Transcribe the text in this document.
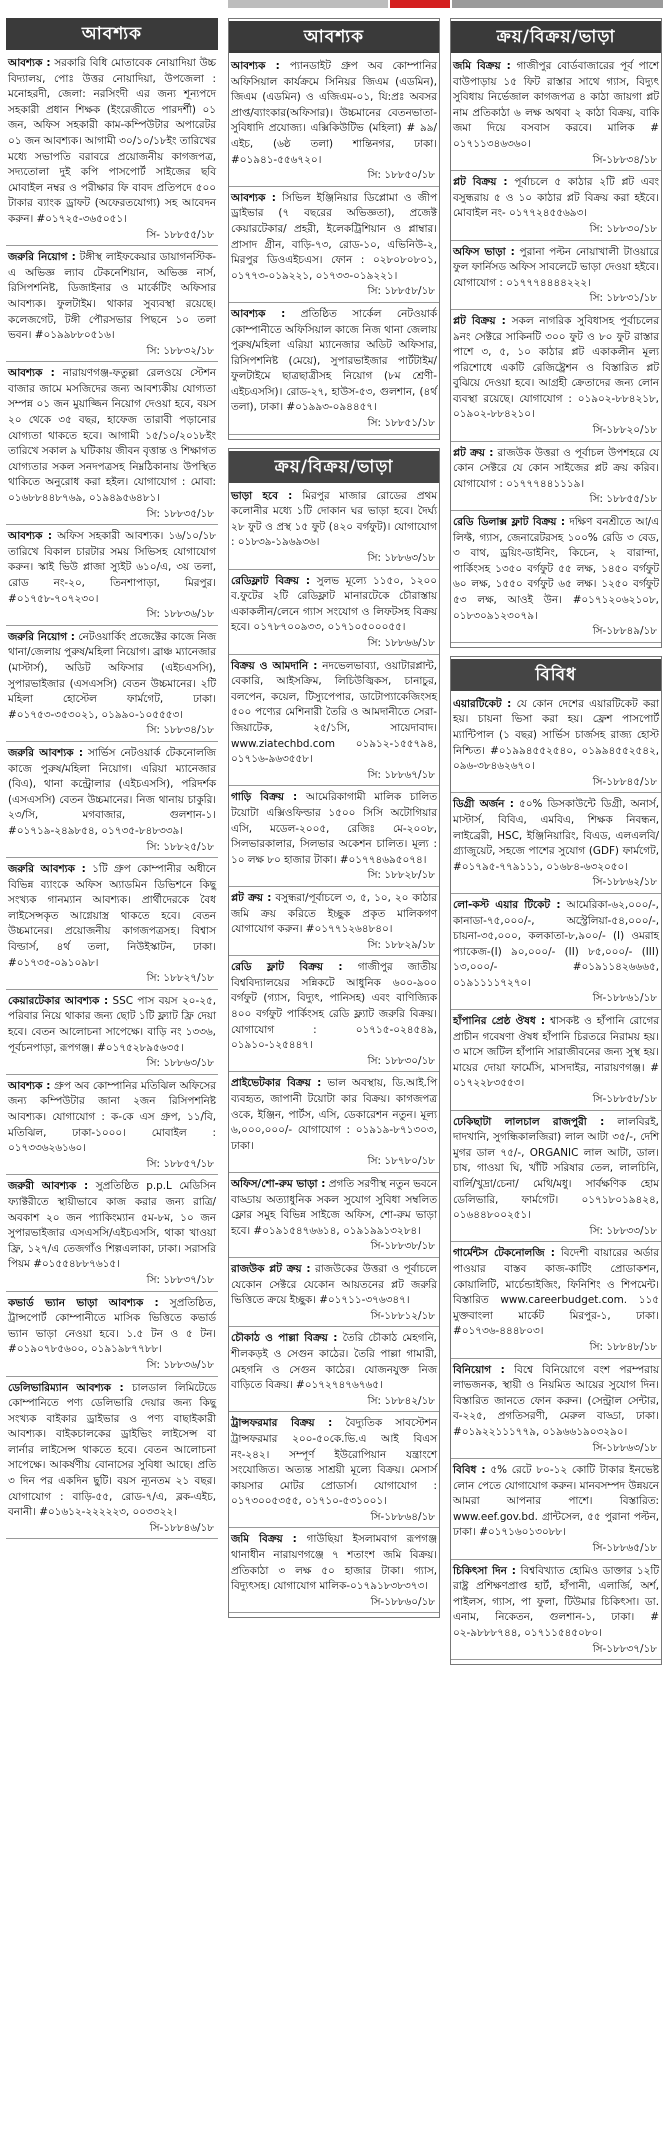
আবশ্যক
আবশ্যক : সরকারি বিধি মোতাবেক নোয়াদিয়া উচ্চ বিদ্যালয়, পোঃ উত্তর নোয়াদিয়া, উপজেলা : মনোহরদী, জেলা: নরসিংদী এর জন্য শূন্যপদে সহকারী প্রধান শিক্ষক (ইংরেজীতে পারদর্শী) ০১ জন, অফিস সহকারী কাম-কম্পিউটার অপারেটর ০১ জন আবশ্যক। আগামী ৩০/১০/১৮ইং তারিখের মধ্যে সভাপতি বরাবরে প্রয়োজনীয় কাগজপত্র, সদ্যতোলা দুই কপি পাসপোর্ট সাইজের ছবি মোবাইল নম্বর ও পরীক্ষার ফি বাবদ প্রতিপদে ৫০০ টাকার ব্যাংক ড্রাফট (অফেরতযোগ্য) সহ আবেদন করুন। #০১৭২৫-৩৬৫০৫১।
সি- ১৮৮৫৫/১৮
জরুরি নিয়োগ : টঙ্গীস্থ লাইফকেয়ার ডায়াগনস্টিক-এ অভিজ্ঞ ল্যাব টেকনেশিয়ান, অভিজ্ঞ নার্স, রিসিপশনিষ্ট, ডিজাইনার ও মার্কেটিং অফিসার আবশ্যক। ফুলটাইম। থাকার সুব্যবস্থা রয়েছে। কলেজগেট, টঙ্গী পৌরসভার পিছনে ১০ তলা ভবন। #০১৯৯৮৮০৫১৬।
সি: ১৮৮৩২/১৮
আবশ্যক : নারায়ণগঞ্জ-ফতুল্লা রেলওয়ে স্টেশন বাজার জামে মসজিদের জন্য আবশ্যকীয় যোগ্যতা সম্পন্ন ০১ জন মুয়াজ্জিন নিয়োগ দেওয়া হবে, বয়স ২০ থেকে ৩৫ বছর, হাফেজ তারাবী পড়ানোর যোগ্যতা থাকতে হবে। আগামী ১৫/১০/২০১৮ইং তারিখে সকাল ৯ ঘটিকায় জীবন বৃত্তান্ত ও শিক্ষাগত যোগ্যতার সকল সনদপত্রসহ নিম্নঠিকানায় উপস্থিত থাকিতে অনুরোধ করা হইল। যোগাযোগ : মোবা: ০১৬৮৮৪৪৮৭৬৯, ০১৯৪৯৫৬৪৮১।
সি: ১৮৮৩৫/১৮
আবশ্যক : অফিস সহকারী আবশ্যক। ১৬/১০/১৮ তারিখে বিকাল চারটার সময় সিভিসহ যোগাযোগ করুন। স্কাই ভিউ প্লাজা স্যুইট ৬১০/এ, ৩য় তলা, রোড নং-২০, তিনশাপাড়া, মিরপুর। #০১৭৫৮-৭০৭২৩০।
সি: ১৮৮৩৬/১৮
জরুরি নিয়োগ : নেটওয়ার্কিং প্রজেক্টের কাজে নিজ থানা/জেলায় পুরুষ/মহিলা নিয়োগ। ব্রাঞ্চ ম্যানেজার (মাস্টার্স), অডিট অফিসার (এইচএসসি), সুপারভাইজার (এসএসসি) বেতন উচ্চমানের। ২টি মহিলা হোস্টেল ফার্মগেট, ঢাকা। #০১৭৫৩-৩৫৩০২১, ০১৯৯০-১০৫৫৫৩।
সি: ১৮৮৩৪/১৮
জরুরি আবশ্যক : সার্ভিস নেটওয়ার্ক টেকনোলজি কাজে পুরুষ/মহিলা নিয়োগ। এরিয়া ম্যানেজার (বিএ), থানা কন্ট্রোলার (এইচএসসি), পরিদর্শক (এসএসসি) বেতন উচ্চমানের। নিজ থানায় চাকুরি। ২৩/সি, মগবাজার, গুলশান-১। #০১৭১৯-২৪৯৮৫৪, ০১৭৩৫-৮৪৮৩৩৯।
সি: ১৮৮২৫/১৮
জরুরি আবশ্যক : ১টি গ্রুপ কোম্পানীর অধীনে বিভিন্ন ব্যাংকে অফিস অ্যাডমিন ডিভিশনে কিছু সংখ্যক গানম্যান আবশ্যক। প্রার্থীদেরকে বৈধ লাইসেন্সকৃত আগ্নেয়াস্ত্র থাকতে হবে। বেতন উচ্চমানের। প্রয়োজনীয় কাগজপত্রসহ। বিশ্বাস বিল্ডার্স, ৪র্থ তলা, নিউইস্কাটন, ঢাকা। #০১৭৩৫-০৯১০৯৮।
সি: ১৮৮২৭/১৮
কেয়ারটেকার আবশ্যক : SSC পাস বয়স ২০-২৫, পরিবার নিয়ে থাকার জন্য ছোট ১টি ফ্ল্যাট ফ্রি দেয়া হবে। বেতন আলোচনা সাপেক্ষে। বাড়ি নং ১৩৩৬, পূর্বচনপাড়া, রূপগঞ্জ। #০১৭৫২৮৯৫৬৩৫।
সি: ১৮৮৬৩/১৮
আবশ্যক : গ্রুপ অব কোম্পানির মতিঝিল অফিসের জন্য কম্পিউটার জানা ২জন রিসিপশনিষ্ট আবশ্যক। যোগাযোগ : ক-কে এস গ্রুপ, ১১/বি, মতিঝিল, ঢাকা-১০০০। মোবাইল : ০১৭৩৩৬২৬১৬০।
সি: ১৮৮৫৭/১৮
জরুরী আবশ্যক : সুপ্রতিষ্ঠিত p.p.L মেডিসিন ফ্যাক্টরীতে স্থায়ীভাবে কাজ করার জন্য রাত্রি/অবকাশ ২০ জন প্যাকিংম্যান ৫ম-৮ম, ১০ জন সুপারভাইজার এসএসসি/এইচএসসি, থাকা খাওয়া ফ্রি, ১২৭/এ তেজগাঁও শিল্পএলাকা, ঢাকা। সরাসরি পিয়ম #০১৫৫৪৮৮৭৬১৫।
সি: ১৮৮৩৭/১৮
কভার্ড ভ্যান ভাড়া আবশ্যক : সুপ্রতিষ্ঠিত, ট্রান্সপোর্ট কোম্পানীতে মাসিক ভিত্তিতে কভার্ড ভ্যান ভাড়া নেওয়া হবে। ১.৫ টন ও ৫ টন। #০১৯০৭৮৫৬০০, ০১৯১৯৮৭৭৮৮।
সি: ১৮৮৩৬/১৮
ডেলিভারিম্যান আবশ্যক : চালডাল লিমিটেডে কোম্পানিতে পণ্য ডেলিভারি দেয়ার জন্য কিছু সংখ্যক বাইকার ড্রাইভার ও পণ্য বাছাইকারী আবশ্যক। বাইকচালকের ড্রাইভিং লাইসেন্স বা লার্নার লাইসেন্স থাকতে হবে। বেতন আলোচনা সাপেক্ষে। আকর্ষণীয় বোনাসের সুবিধা আছে। প্রতি ৩ দিন পর একদিন ছুটি। বয়স ন্যূনতম ২১ বছর। যোগাযোগ : বাড়ি-৫৫, রোড-৭/এ, ব্লক-এইচ, বনানী। #০১৬১২-২২২২২৩, ০০৩৩২২।
সি-১৮৮৪৬/১৮
আবশ্যক
আবশ্যক : প্যানডাইট গ্রুপ অব কোম্পানির অফিসিয়াল কার্যক্রমে সিনিয়র জিএম (এডমিন), জিএম (এডমিন) ও এজিএম-০১, যি:প্রঃ অবসর প্রাপ্ত/ব্যাংকার(অফিসার)। উচ্চমানের বেতনভাতা-সুবিধাদি প্রযোজ্য। এক্সিকিউটিভ (মহিলা) # ৯৯/এইচ, (৬ষ্ঠ তলা) শান্তিনগর, ঢাকা। #০১৯৪১-৫৫৬৭২০।
সি: ১৮৮৫০/১৮
আবশ্যক : সিভিল ইঞ্জিনিয়ার ডিপ্লোমা ও জীপ ড্রাইভার (৭ বছরের অভিজ্ঞতা), প্রজেক্ট কেয়ারটেকার/ প্রহরী, ইলেকট্রিশিয়ান ও প্লাম্বার। প্রাসাদ গ্রীন, বাড়ি-৭৩, রোড-১০, এভিনিউ-২, মিরপুর ডিওএইচএস। ফোন : ০২৮০৮০৮০১, ০১৭৭৩-০১৯২২১, ০১৭৩৩-০১৯২২১।
সি: ১৮৮৫৮/১৮
আবশ্যক : প্রতিষ্ঠিত সার্কেল নেটওয়ার্ক কোম্পানীতে অফিসিয়াল কাজে নিজ থানা জেলায় পুরুষ/মহিলা এরিয়া ম্যানেজার অডিট অফিসার, রিসিপশনিষ্ট (মেয়ে), সুপারভাইজার পার্টটাইম/ ফুলটাইমে ছাত্রছাত্রীসহ নিয়োগ (৮ম শ্রেণী-এইচএসসি)। রোড-২৭, হাউস-৫৩, গুলশান, (৪র্থ তলা), ঢাকা। #০১৯৯৩-০৯৪৪৫৭।
সি: ১৮৮৫১/১৮
ক্রয়/বিক্রয়/ভাড়া
ভাড়া হবে : মিরপুর মাজার রোডের প্রথম কলোনীর মধ্যে ১টি দোকান ঘর ভাড়া হবে। দৈর্ঘ্য ২৮ ফুট ও প্রস্থ ১৫ ফুট (৪২০ বর্গফুট)। যোগাযোগ : ০১৮৩৯-১৯৬৯৩৬।
সি: ১৮৮৬৩/১৮
রেডিফ্লাট বিক্রয় : সুলভ মূল্যে ১১৫০, ১২০০ ব.ফুটের ২টি রেডিফ্লাট মানারটেকে চৌরাস্তায় একাকলীন/লেনে গ্যাস সংযোগ ও লিফটসহ বিক্রয় হবে। ০১৭৮৭০০৯৩৩, ০১৭১০৫০০০৫৫।
সি: ১৮৮৬৬/১৮
বিক্রয় ও আমদানি : নদভেলভাব্যা, ওয়াটারপ্লান্ট, বেকারি, আইসক্রিম, লিচিউজ্বিকস, চানাচুর, বলপেন, কয়েল, টিস্যুপেপার, ডাটোপ্যাকেজিংসহ ৫০০ পণ্যের মেশিনারী তৈরি ও আমদানীতে সেরা-জিয়াটেক, ২৫/১সি, সায়েদাবাদ। www.ziatechbd.com ০১৯১২-১৫৫৭৯৪, ০১৭১৬-৯৬৩৫৫৮।
সি: ১৮৮৬৭/১৮
গাড়ি বিক্রয় : আমেরিকাগামী মালিক চালিত টয়োটা এক্সিওফিল্ডার ১৫০০ সিসি অটোগিয়ার এসি, মডেল-২০০৫, রেজিঃ মে-২০০৮, সিলভারকালার, সিলভার অকেশন চালিত। মূল্য : ১০ লক্ষ ৮০ হাজার টাকা। #০১৭৭৪৬৯৫০৭৪।
সি: ১৮৮২৮/১৮
প্লট ক্রয় : বসুন্ধরা/পূর্বাচলে ৩, ৫, ১০, ২০ কাঠার জমি ক্রয় করিতে ইচ্ছুক প্রকৃত মালিকগণ যোগাযোগ করুন। #০১৭৭১২৬৪৮৪০।
সি: ১৮৮২৯/১৮
রেডি ফ্লাট বিক্রয় : গাজীপুর জাতীয় বিশ্ববিদ্যালয়ের সন্নিকটে আধুনিক ৬০০-৯০০ বর্গফুট (গ্যাস, বিদ্যুৎ, পানিসহ) এবং বাণিজ্যিক ৪০০ বর্গফুট পার্কিংসহ রেডি ফ্ল্যাট জরুরি বিক্রয়। যোগাযোগ : ০১৭১৫-০২৪৫৪৯, ০১৯১০-১২৫৪৪৭।
সি: ১৮৮৩০/১৮
প্রাইভেটকার বিক্রয় : ভাল অবস্থায়, ডি.আই.পি ব্যবহৃত, জাপানী টয়োটা কার বিক্রয়। কাগজপত্র ওকে, ইঞ্জিন, পার্টস, এসি, ডেকারেশন নতুন। মূল্য ৬,০০০,০০০/- যোগাযোগ : ০১৯১৯-৮৭১৩০৩, ঢাকা।
সি: ১৮৭৮০/১৮
অফিস/শো-রুম ভাড়া : প্রগতি সরণীস্থ নতুন ভবনে বাড্ডায় অত্যাধুনিক সকল সুযোগ সুবিধা সম্বলিত ফ্লোর সমুহ বিভিন্ন সাইজে অফিস, শো-রুম ভাড়া হবে। #০১৯১৫৪৭৬৬১৪, ০১৯১৯৯১৩২৮৪।
সি-১৮৮৩৮/১৮
রাজউক প্লট ক্রয় : রাজউকের উত্তরা ও পূর্বাচলে যেকোন সেক্টরে যেকোন আয়তনের প্লট জরুরি ভিত্তিতে ক্রয়ে ইচ্ছুক। #০১৭১১-৩৭৬৩৪৭।
সি-১৮৮১২/১৮
চৌকাঠ ও পাল্লা বিক্রয় : তৈরি চৌকাঠ মেহগনি, শীলকড়ই ও সেগুন কাঠের। তৈরি পাল্লা গামারী, মেহগনি ও সেগুন কাঠের। যোজনযুক্ত নিজ বাড়িতে বিক্রয়। #০১৭২৭৪৭৬৭৬৫।
সি: ১৮৮৪২/১৮
ট্রান্সফরমার বিক্রয় : বৈদ্যুতিক সাবস্টেশন ট্রান্সফরমার ২০০-৫০কে.ভি.এ আই বিএস নং-২৪২। সম্পূর্ণ ইউরোপিয়ান যন্ত্রাংশে সংযোজিত। অত্যন্ত সাশ্রয়ী মূল্যে বিক্রয়। মেসার্স কায়সার মোটর প্রোডার্স। যোগাযোগ : ০১৭৩০০৫৩৫৫, ০১৭১০-৫৩১০০১।
সি-১৮৮৬৪/১৮
জমি বিক্রয় : গাউছিয়া ইসলামবাগ রূপগঞ্জ থানাধীন নারায়ণগঞ্জে ৭ শতাংশ জমি বিক্রয়। প্রতিকাঠা ৩ লক্ষ ৫০ হাজার টাকা। গ্যাস, বিদ্যুৎসহ। যোগাযোগ মালিক-০১৭৯১৮৩৮৩৭৩।
সি-১৮৮৬০/১৮
ক্রয়/বিক্রয়/ভাড়া
জমি বিক্রয় : গাজীপুর বোর্ডবাজারের পূর্ব পাশে বাউপাড়ায় ১৫ ফিট রাস্তার সাথে গ্যাস, বিদ্যুৎ সুবিধায় নির্ভেজাল কাগজপত্র ৪ কাঠা জায়গা প্লট নাম প্রতিকাঠা ৬ লক্ষ অথবা ২ কাঠা বিক্রয়, বাকি জমা দিয়ে বসবাস করবে। মালিক # ০১৭১১৩৪৬৩৬০।
সি-১৮৮৩৪/১৮
প্লট বিক্রয় : পূর্বাচলে ৫ কাঠার ২টি প্লট এবং বসুন্ধরায় ৫ ও ১০ কাঠার প্লট বিক্রয় করা হইবে। মোবাইল নং- ০১৭৭২৪৫৫৬৯৩।
সি: ১৮৮৩০/১৮
অফিস ভাড়া : পুরানা পল্টন নোয়াখালী টাওয়ারে ফুল ফার্নিসড অফিস সাবলেটে ভাড়া দেওয়া হইবে। যোগাযোগ : ০১৭৭৭৪৪৪৪২২২।
সি: ১৮৮৩১/১৮
প্লট বিক্রয় : সকল নাগরিক সুবিধাসহ পূর্বাচলের ৯নং সেক্টরে সাকিনটি ৩০০ ফুট ও ৮০ ফুট রাস্তার পাশে ৩, ৫, ১০ কাঠার প্লট একাকলীন মূল্য পরিশোধে একটি রেজিষ্ট্রেশন ও বিস্তারিত প্লট বুঝিয়ে দেওয়া হবে। আগ্রহী ক্রেতাদের জন্য লোন ব্যবস্থা রয়েছে। যোগাযোগ : ০১৯০২-৮৮৪২১৮, ০১৯০২-৮৮৪২১০।
সি-১৮৮২০/১৮
প্লট ক্রয় : রাজউক উত্তরা ও পূর্বাচল উপশহরে যে কোন সেক্টরে যে কোন সাইজের প্লট ক্রয় করিব। যোগাযোগ : ০১৭৭৭৪৪১১১৯।
সি: ১৮৮৫৫/১৮
রেডি ডিলাক্স ফ্লাট বিক্রয় : দক্ষিণ বনশ্রীতে আ/এ লিফ্ট, গ্যাস, জেনারেটরসহ ১০০% রেডি ৩ বেড, ৩ বাথ, ড্রয়িং-ডাইনিং, কিচেন, ২ বারান্দা, পার্কিংসহ ১৩৫০ বর্গফুট ৫৫ লক্ষ, ১৪৫০ বর্গফুট ৬০ লক্ষ, ১৫৫০ বর্গফুট ৬৫ লক্ষ। ১২৫০ বর্গফুট ৫৩ লক্ষ, আওই উন। #০১৭১২০৬২১০৮, ০১৮৩০৯১২৩০৭৯।
সি-১৮৮৪৯/১৮
বিবিধ
এয়ারটিকেট : যে কোন দেশের এয়ারটিকেট করা হয়। চায়না ভিসা করা হয়। ফ্রেশ পাসপোর্ট ম্যান্টিপাল (১ বছর) সার্ভিস চার্জসহ রাজ্য হোস্ট নিশ্চিত। #০১৯৯৪৫৫২৫৪০, ০১৯৯৪৫৫২৫৪২, ০৯৬-৩৮৪৬২৬৭০।
সি-১৮৮৪৫/১৮
ডিগ্রী অর্জন : ৫০% ডিসকাউন্টে ডিগ্রী, অনার্স, মাস্টার্স, বিবিএ, এমবিএ, শিক্ষক নিবন্ধন, লাইব্রেরী, HSC, ইঞ্জিনিয়ারিং, বিএড, এলএলবি/ গ্র্যাজুয়েট, সহজে পাশের সুযোগ (GDF) ফার্মগেট, #০১৭৯৫-৭৭৯১১১, ০১৬৮৪-৬৩২০৫০।
সি-১৮৮৬২/১৮
লো-কস্ট এয়ার টিকেট : আমেরিকা-৬২,০০০/-, কানাডা-৭৫,০০০/-, অস্ট্রেলিয়া-৫৪,০০০/-, চায়না-৩৫,০০০, কলকাতা-৮,৯০০/- (I) ওমরাহ প্যাকেজ-(I) ৯০,০০০/- (II) ৮৫,০০০/- (III) ১৩,০০০/- #০১৯১১৪২৬৬৬৫, ০১৯১১১১৭২৭০।
সি-১৮৮৬১/১৮
হাঁপানির প্রেষ্ঠ ঔষধ : শ্বাসকষ্ট ও হাঁপানি রোগের প্রাচীন গবেষণা ঔষধ হাঁপানি চিরতরে নিরাময় হয়। ৩ মাসে জটিল হাঁপানি সারাজীবনের জন্য সুস্থ হয়। মায়ের দোয়া ফার্মেসি, মাসদাইর, নারায়ণগঞ্জ। # ০১৭২২৮৩৫৫৩।
সি-১৮৮৫৮/১৮
ঢেকিছাটা লালচাল রাজপুরী : লালবিরই, দাদখানি, সুগন্ধিকালজিরা) লাল আটা ৩৫/-, দেশি মুগর ডাল ৭৫/-, ORGANIC লাল আটা, ডাল। চাষ, গাওয়া ঘি, খাঁটি সরিষার তেল, লালচিনি, বার্লি/খুদ্রা/চেনা/ মেথি/মধু। সার্বক্ষণিক হোম ডেলিভারি, ফার্মগেট। ০১৭১৮০১৯৪২৪, ০১৬৪৪৮০০২৫১।
সি: ১৮৮৩৩/১৮
গার্মেন্টস টেকনোলজি : বিদেশী বায়ারের অর্ডার পাওয়ার বাস্তব কাজ-কাটিং প্রোডাকশন, কোয়ালিটি, মার্চেন্ডাইজিং, ফিনিশিং ও শিপমেন্ট। বিস্তারিত www.careerbudget.com. ১১৫ মুক্তবাংলা মার্কেট মিরপুর-১, ঢাকা। #০১৭৩৬-৪৪৪৮০৩।
সি: ১৮৮৪৮/১৮
বিনিয়োগ : বিশ্বে বিনিয়োগে বংশ পরম্পরায় লাভজনক, স্থায়ী ও নিয়মিত আয়ের সুযোগ দিন। বিস্তারিত জানতে ফোন করুন। (সেন্ট্রাল সেন্টার, ব-২২৫, প্রগতিসরণী, মেরুল বাড্ডা, ঢাকা। #০১৯২২১১১৭৭৯, ০১৯৬৬১৯০৩২৯০।
সি-১৮৮৬৩/১৮
বিবিধ : ৫% রেটে ৮০-১২ কোটি টাকার ইনভেষ্ট লোন পেতে যোগাযোগ করুন। মানবসম্পদ উন্নয়নে আমরা আপনার পাশে। বিস্তারিত: www.eef.gov.bd. গ্রান্টসেল, ৫৫ পুরানা পল্টন, ঢাকা। #০১৭১৬০১৩০৮৮।
সি-১৮৮৬৫/১৮
চিকিৎসা দিন : বিশ্ববিখ্যাত হোমিও ডাক্তার ১২টি রাষ্ট্র প্রশিক্ষণপ্রাপ্ত হার্ট, হাঁপানী, এলার্জি, অর্শ, পাইলস, গ্যাস, পা ফুলা, টিউমার চিকিৎসা। ডা. এনাম, নিকেতন, গুলশান-১, ঢাকা। # ০২-৯৮৮৮৭৪৪, ০১৭১১৫৪৫০৮০।
সি-১৮৮৩৭/১৮
